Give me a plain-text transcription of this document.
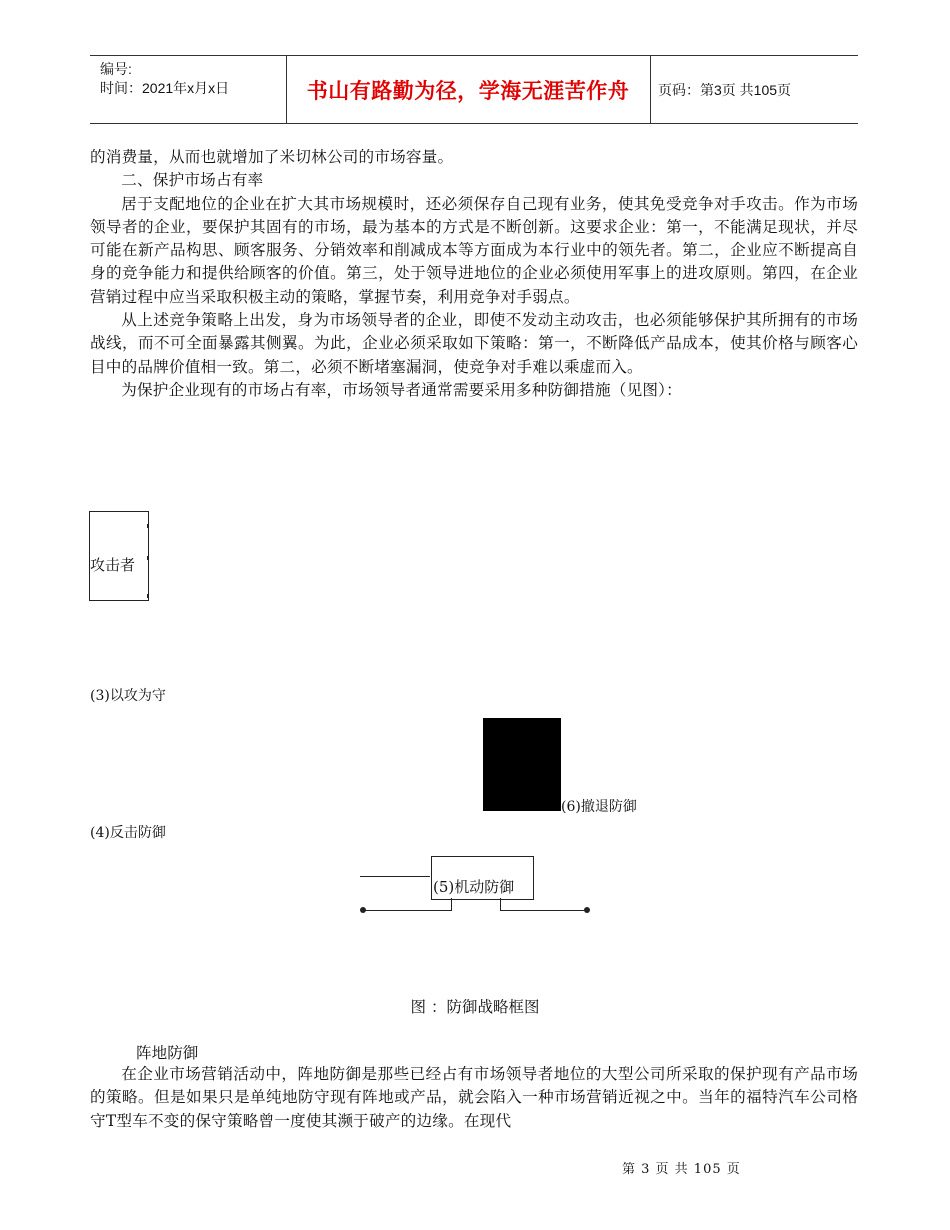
编号:
时间：2021年x月x日	书山有路勤为径，学海无涯苦作舟	页码：第3页 共105页

的消费量，从而也就增加了米切林公司的市场容量。

二、保护市场占有率

居于支配地位的企业在扩大其市场规模时，还必须保存自己现有业务，使其免受竞争对手攻击。作为市场领导者的企业，要保护其固有的市场，最为基本的方式是不断创新。这要求企业：第一，不能满足现状，并尽可能在新产品构思、顾客服务、分销效率和削减成本等方面成为本行业中的领先者。第二，企业应不断提高自身的竞争能力和提供给顾客的价值。第三，处于领导进地位的企业必须使用军事上的进攻原则。第四，在企业营销过程中应当采取积极主动的策略，掌握节奏，利用竞争对手弱点。

从上述竞争策略上出发，身为市场领导者的企业，即使不发动主动攻击，也必须能够保护其所拥有的市场战线，而不可全面暴露其侧翼。为此，企业必须采取如下策略：第一，不断降低产品成本，使其价格与顾客心目中的品牌价值相一致。第二，必须不断堵塞漏洞，使竞争对手难以乘虚而入。

为保护企业现有的市场占有率，市场领导者通常需要采用多种防御措施（见图）：

攻击者
(3)以攻为守
(6)撤退防御
(4)反击防御
(5)机动防御
图 ：防御战略框图
阵地防御

在企业市场营销活动中，阵地防御是那些已经占有市场领导者地位的大型公司所采取的保护现有产品市场的策略。但是如果只是单纯地防守现有阵地或产品，就会陷入一种市场营销近视之中。当年的福特汽车公司格守T型车不变的保守策略曾一度使其濒于破产的边缘。在现代

第 3 页 共 105 页
